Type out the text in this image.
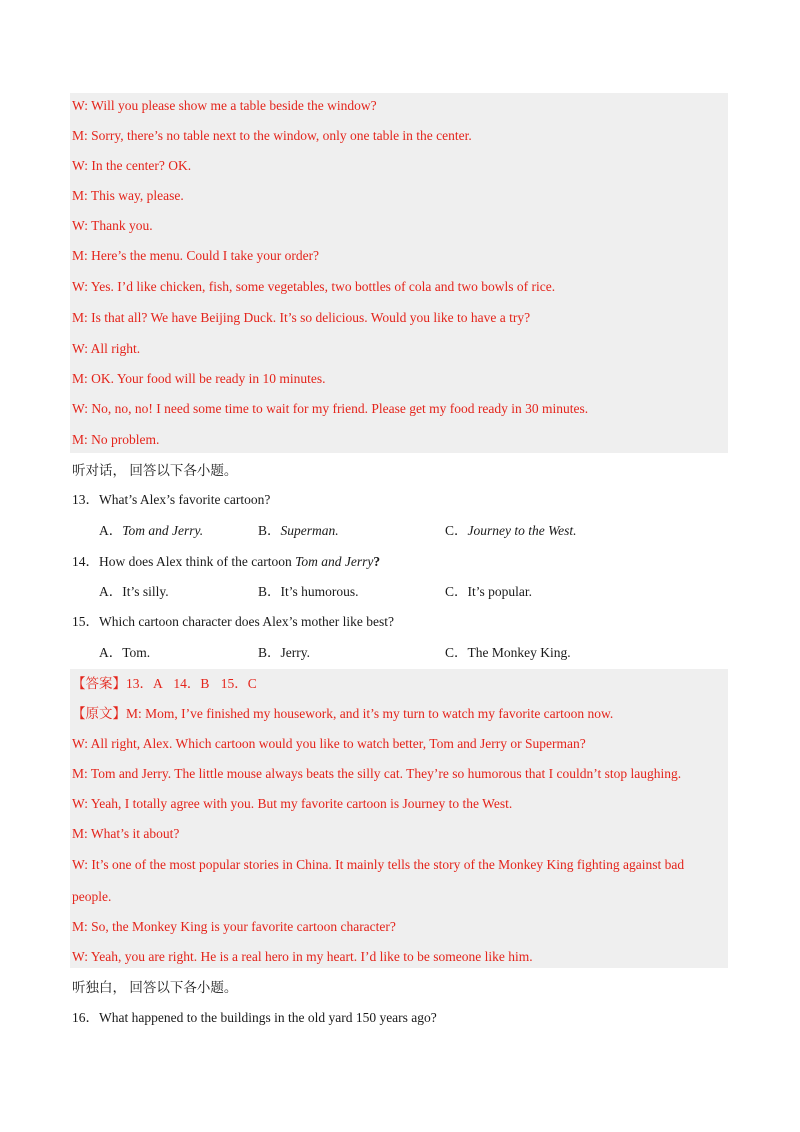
W: Will you please show me a table beside the window?
M: Sorry, there’s no table next to the window, only one table in the center.
W: In the center? OK.
M: This way, please.
W: Thank you.
M: Here’s the menu. Could I take your order?
W: Yes. I’d like chicken, fish, some vegetables, two bottles of cola and two bowls of rice.
M: Is that all? We have Beijing Duck. It’s so delicious. Would you like to have a try?
W: All right.
M: OK. Your food will be ready in 10 minutes.
W: No, no, no! I need some time to wait for my friend. Please get my food ready in 30 minutes.
M: No problem.
听对话， 回答以下各小题。
13．What’s Alex’s favorite cartoon?
A．Tom and Jerry.	B．Superman.	C．Journey to the West.
14．How does Alex think of the cartoon Tom and Jerry?
A．It’s silly.	B．It’s humorous.	C．It’s popular.
15．Which cartoon character does Alex’s mother like best?
A．Tom.	B．Jerry.	C．The Monkey King.
【答案】13．A 14．B 15．C
【原文】M: Mom, I’ve finished my housework, and it’s my turn to watch my favorite cartoon now.
W: All right, Alex. Which cartoon would you like to watch better, Tom and Jerry or Superman?
M: Tom and Jerry. The little mouse always beats the silly cat. They’re so humorous that I couldn’t stop laughing.
W: Yeah, I totally agree with you. But my favorite cartoon is Journey to the West.
M: What’s it about?
W: It’s one of the most popular stories in China. It mainly tells the story of the Monkey King fighting against bad
people.
M: So, the Monkey King is your favorite cartoon character?
W: Yeah, you are right. He is a real hero in my heart. I’d like to be someone like him.
听独白， 回答以下各小题。
16．What happened to the buildings in the old yard 150 years ago?
